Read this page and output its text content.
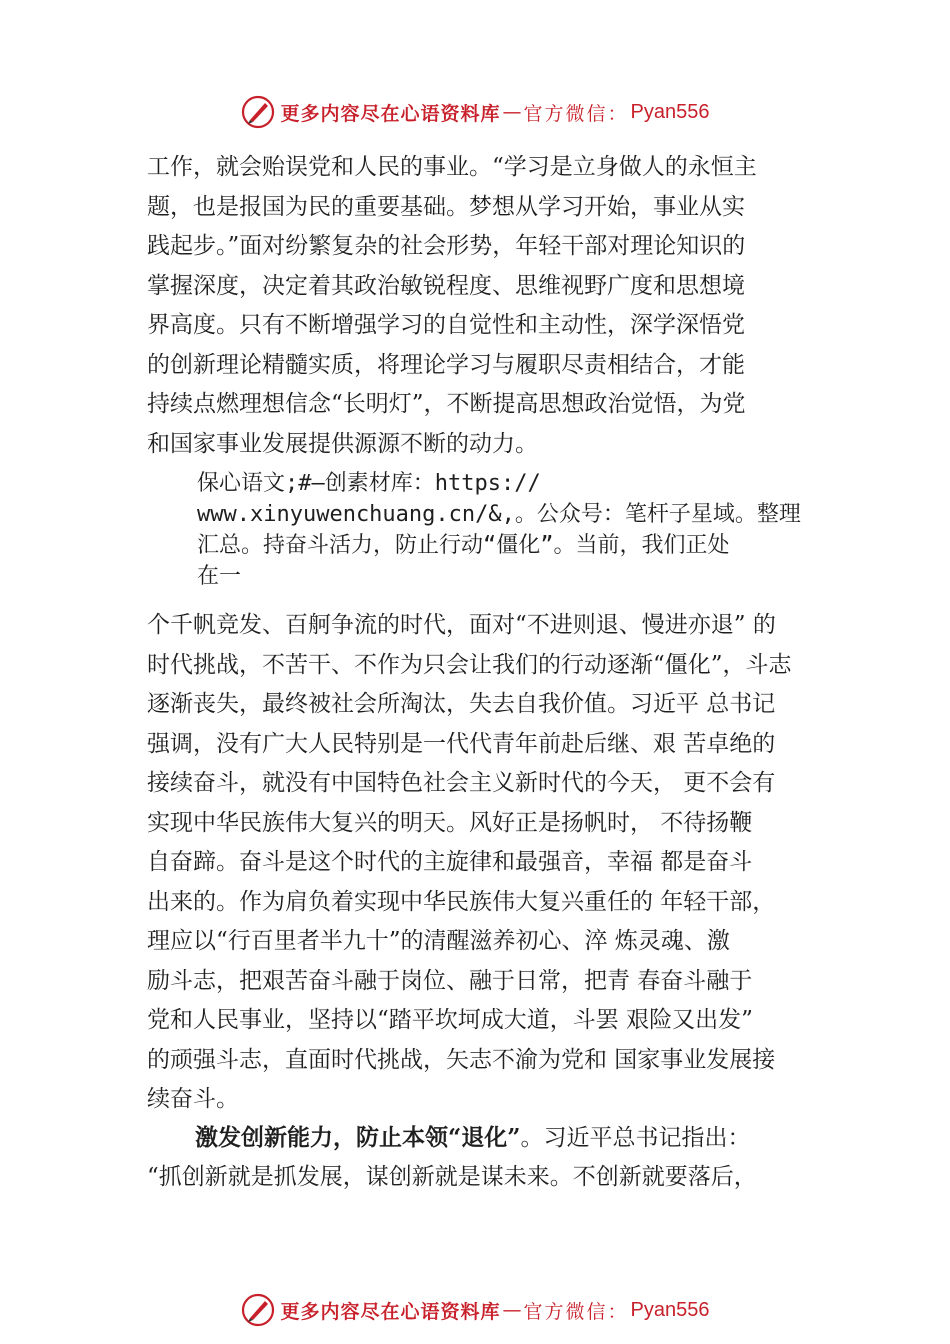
更多内容尽在心语资料库 — 官方微信： Pyan556
工作，就会贻误党和人民的事业。“学习是立身做人的永恒主
题，也是报国为民的重要基础。梦想从学习开始，事业从实
践起步。”面对纷繁复杂的社会形势，年轻干部对理论知识的
掌握深度，决定着其政治敏锐程度、思维视野广度和思想境
界高度。只有不断增强学习的自觉性和主动性，深学深悟党
的创新理论精髓实质，将理论学习与履职尽责相结合，才能
持续点燃理想信念“长明灯”，不断提高思想政治觉悟，为党
和国家事业发展提供源源不断的动力。
保心语文;#—创素材库：https://
www.xinyuwenchuang.cn/&,。公众号：笔杆子星域。整理
汇总。持奋斗活力，防止行动“僵化”。当前，我们正处
在一
个千帆竞发、百舸争流的时代，面对“不进则退、慢进亦退” 的
时代挑战，不苦干、不作为只会让我们的行动逐渐“僵化”，斗志
逐渐丧失，最终被社会所淘汰，失去自我价值。习近平 总书记
强调，没有广大人民特别是一代代青年前赴后继、艰 苦卓绝的
接续奋斗，就没有中国特色社会主义新时代的今天， 更不会有
实现中华民族伟大复兴的明天。风好正是扬帆时， 不待扬鞭
自奋蹄。奋斗是这个时代的主旋律和最强音，幸福 都是奋斗
出来的。作为肩负着实现中华民族伟大复兴重任的 年轻干部，
理应以“行百里者半九十”的清醒滋养初心、淬 炼灵魂、激
励斗志，把艰苦奋斗融于岗位、融于日常，把青 春奋斗融于
党和人民事业，坚持以“踏平坎坷成大道，斗罢 艰险又出发”
的顽强斗志，直面时代挑战，矢志不渝为党和 国家事业发展接
续奋斗。
激发创新能力，防止本领“退化”。习近平总书记指出：
“抓创新就是抓发展，谋创新就是谋未来。不创新就要落后，
更多内容尽在心语资料库 — 官方微信： Pyan556
